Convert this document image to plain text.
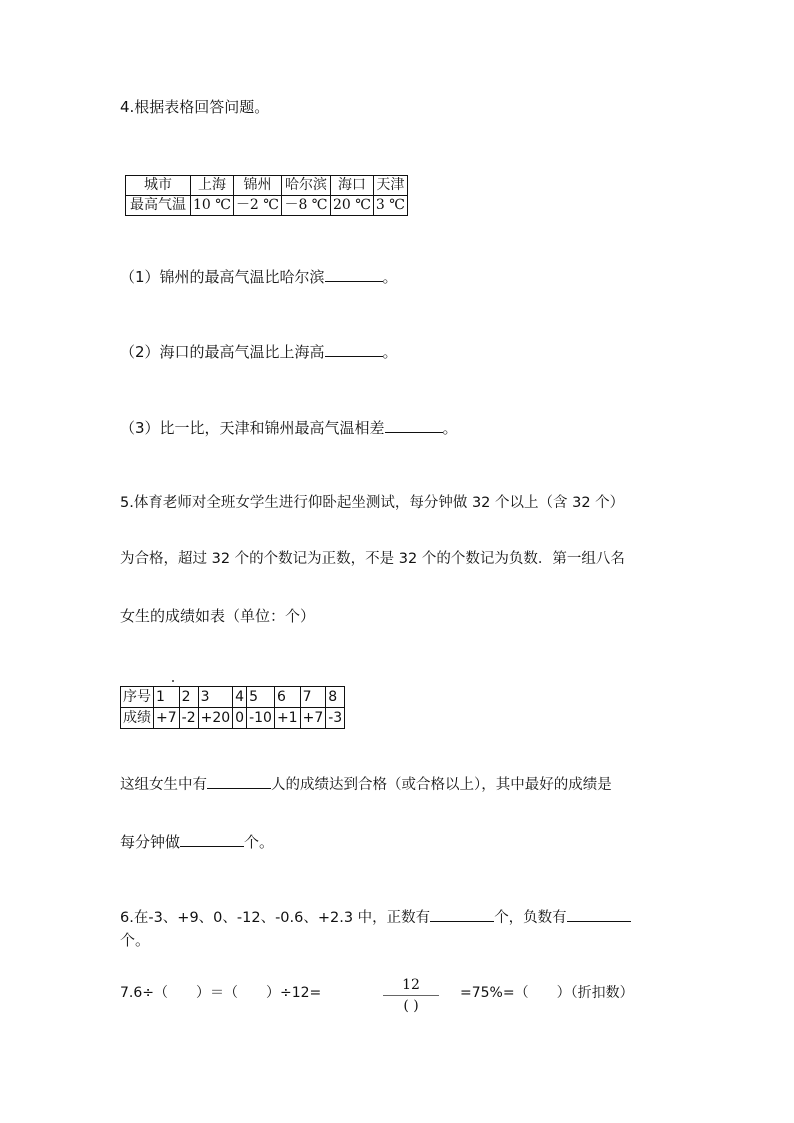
4.根据表格回答问题。
城市	上海	锦州	哈尔滨	海口	天津
最高气温	10 ℃	－2 ℃	－8 ℃	20 ℃	3 ℃
（1）锦州的最高气温比哈尔滨	。
（2）海口的最高气温比上海高	。
（3）比一比，天津和锦州最高气温相差	。
5.体育老师对全班女学生进行仰卧起坐测试，每分钟做 32 个以上（含 32 个）
为合格，超过 32 个的个数记为正数，不是 32 个的个数记为负数．第一组八名
女生的成绩如表（单位：个）
序号	1	2	3	4	5	6	7	8
成绩	+7	-2	+20	0	-10	+1	+7	-3
这组女生中有	人的成绩达到合格（或合格以上），其中最好的成绩是
每分钟做	个。
6.在-3、+9、0、-12、-0.6、+2.3 中，正数有	个，负数有
个。
7.6÷（　　）＝（　　）÷12=	12
( )
=75%=（　　）（折扣数）
